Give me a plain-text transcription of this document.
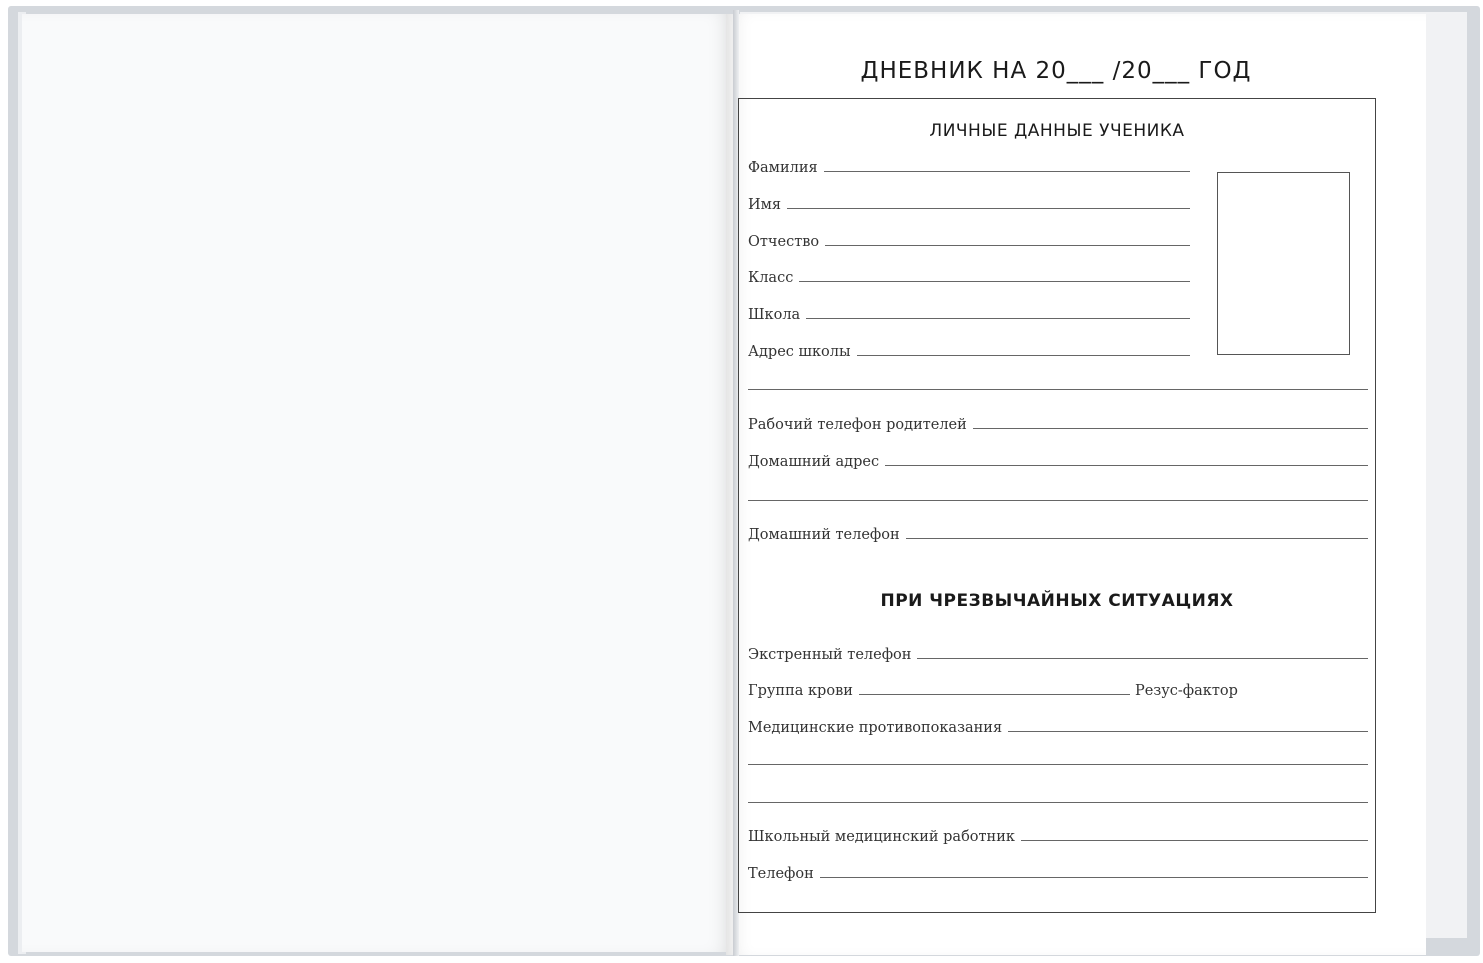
ДНЕВНИК НА 20___ /20___ ГОД
ЛИЧНЫЕ ДАННЫЕ УЧЕНИКА
Фамилия
Имя
Отчество
Класс
Школа
Адрес школы
Рабочий телефон родителей
Домашний адрес
Домашний телефон
ПРИ ЧРЕЗВЫЧАЙНЫХ СИТУАЦИЯХ
Экстренный телефон
Группа крови	Резус-фактор
Медицинские противопоказания
Школьный медицинский работник
Телефон
